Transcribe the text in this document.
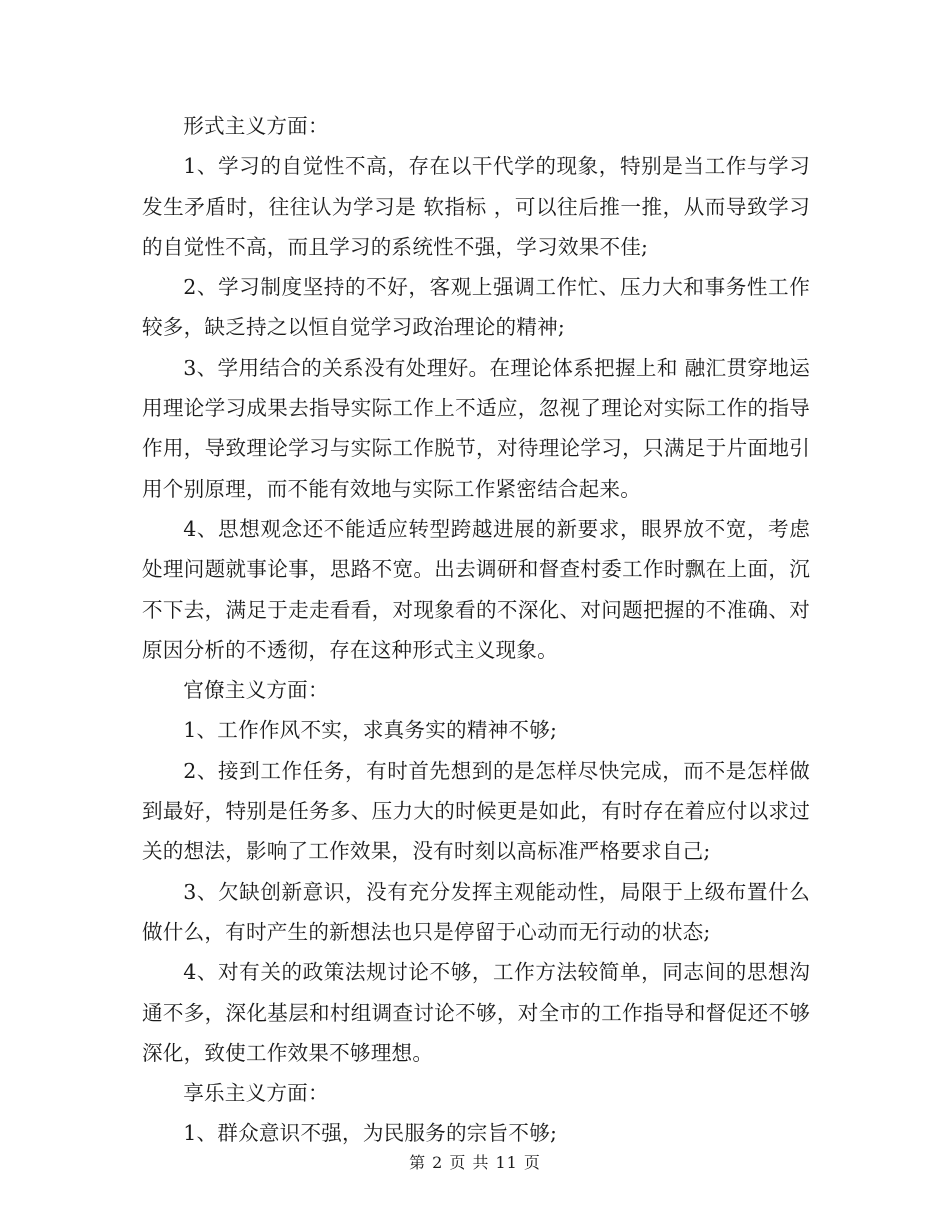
形式主义方面：

1、学习的自觉性不高，存在以干代学的现象，特别是当工作与学习发生矛盾时，往往认为学习是 软指标 ，可以往后推一推，从而导致学习的自觉性不高，而且学习的系统性不强，学习效果不佳;

2、学习制度坚持的不好，客观上强调工作忙、压力大和事务性工作较多，缺乏持之以恒自觉学习政治理论的精神;

3、学用结合的关系没有处理好。在理论体系把握上和 融汇贯穿地运用理论学习成果去指导实际工作上不适应，忽视了理论对实际工作的指导作用，导致理论学习与实际工作脱节，对待理论学习，只满足于片面地引用个别原理，而不能有效地与实际工作紧密结合起来。

4、思想观念还不能适应转型跨越进展的新要求，眼界放不宽，考虑处理问题就事论事，思路不宽。出去调研和督查村委工作时飘在上面，沉不下去，满足于走走看看，对现象看的不深化、对问题把握的不准确、对原因分析的不透彻，存在这种形式主义现象。

官僚主义方面：

1、工作作风不实，求真务实的精神不够;

2、接到工作任务，有时首先想到的是怎样尽快完成，而不是怎样做到最好，特别是任务多、压力大的时候更是如此，有时存在着应付以求过关的想法，影响了工作效果，没有时刻以高标准严格要求自己;

3、欠缺创新意识，没有充分发挥主观能动性，局限于上级布置什么做什么，有时产生的新想法也只是停留于心动而无行动的状态;

4、对有关的政策法规讨论不够，工作方法较简单，同志间的思想沟通不多，深化基层和村组调查讨论不够，对全市的工作指导和督促还不够深化，致使工作效果不够理想。

享乐主义方面：

1、群众意识不强，为民服务的宗旨不够;

第 2 页 共 11 页
